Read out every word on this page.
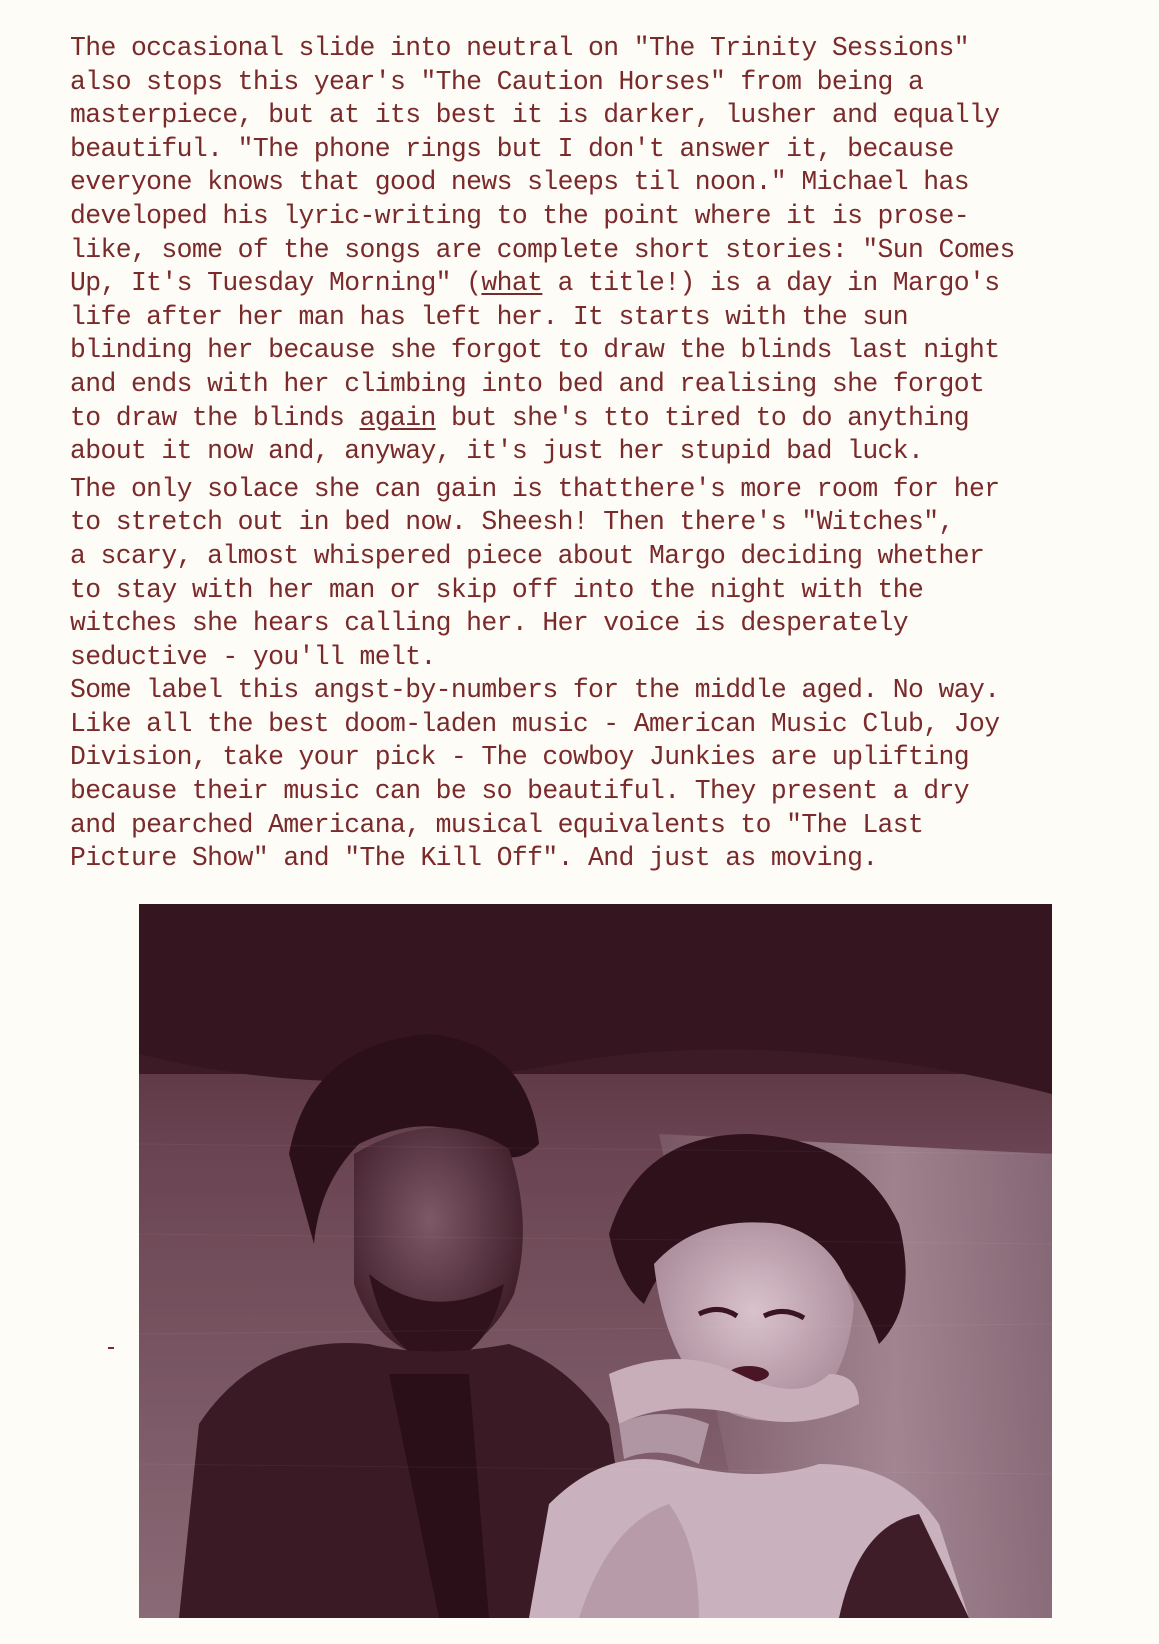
The occasional slide into neutral on "The Trinity Sessions"
also stops this year's "The Caution Horses" from being a
masterpiece, but at its best it is darker, lusher and equally
beautiful. "The phone rings but I don't answer it, because
everyone knows that good news sleeps til noon." Michael has
developed his lyric-writing to the point where it is prose-
like, some of the songs are complete short stories: "Sun Comes
Up, It's Tuesday Morning" (what a title!) is a day in Margo's
life after her man has left her. It starts with the sun
blinding her because she forgot to draw the blinds last night
and ends with her climbing into bed and realising she forgot
to draw the blinds again but she's tto tired to do anything
about it now and, anyway, it's just her stupid bad luck.
The only solace she can gain is thatthere's more room for her
to stretch out in bed now. Sheesh! Then there's "Witches",
a scary, almost whispered piece about Margo deciding whether
to stay with her man or skip off into the night with the
witches she hears calling her. Her voice is desperately
seductive - you'll melt.
Some label this angst-by-numbers for the middle aged. No way.
Like all the best doom-laden music - American Music Club, Joy
Division, take your pick - The cowboy Junkies are uplifting
because their music can be so beautiful. They present a dry
and pearched Americana, musical equivalents to "The Last
Picture Show" and "The Kill Off". And just as moving.
